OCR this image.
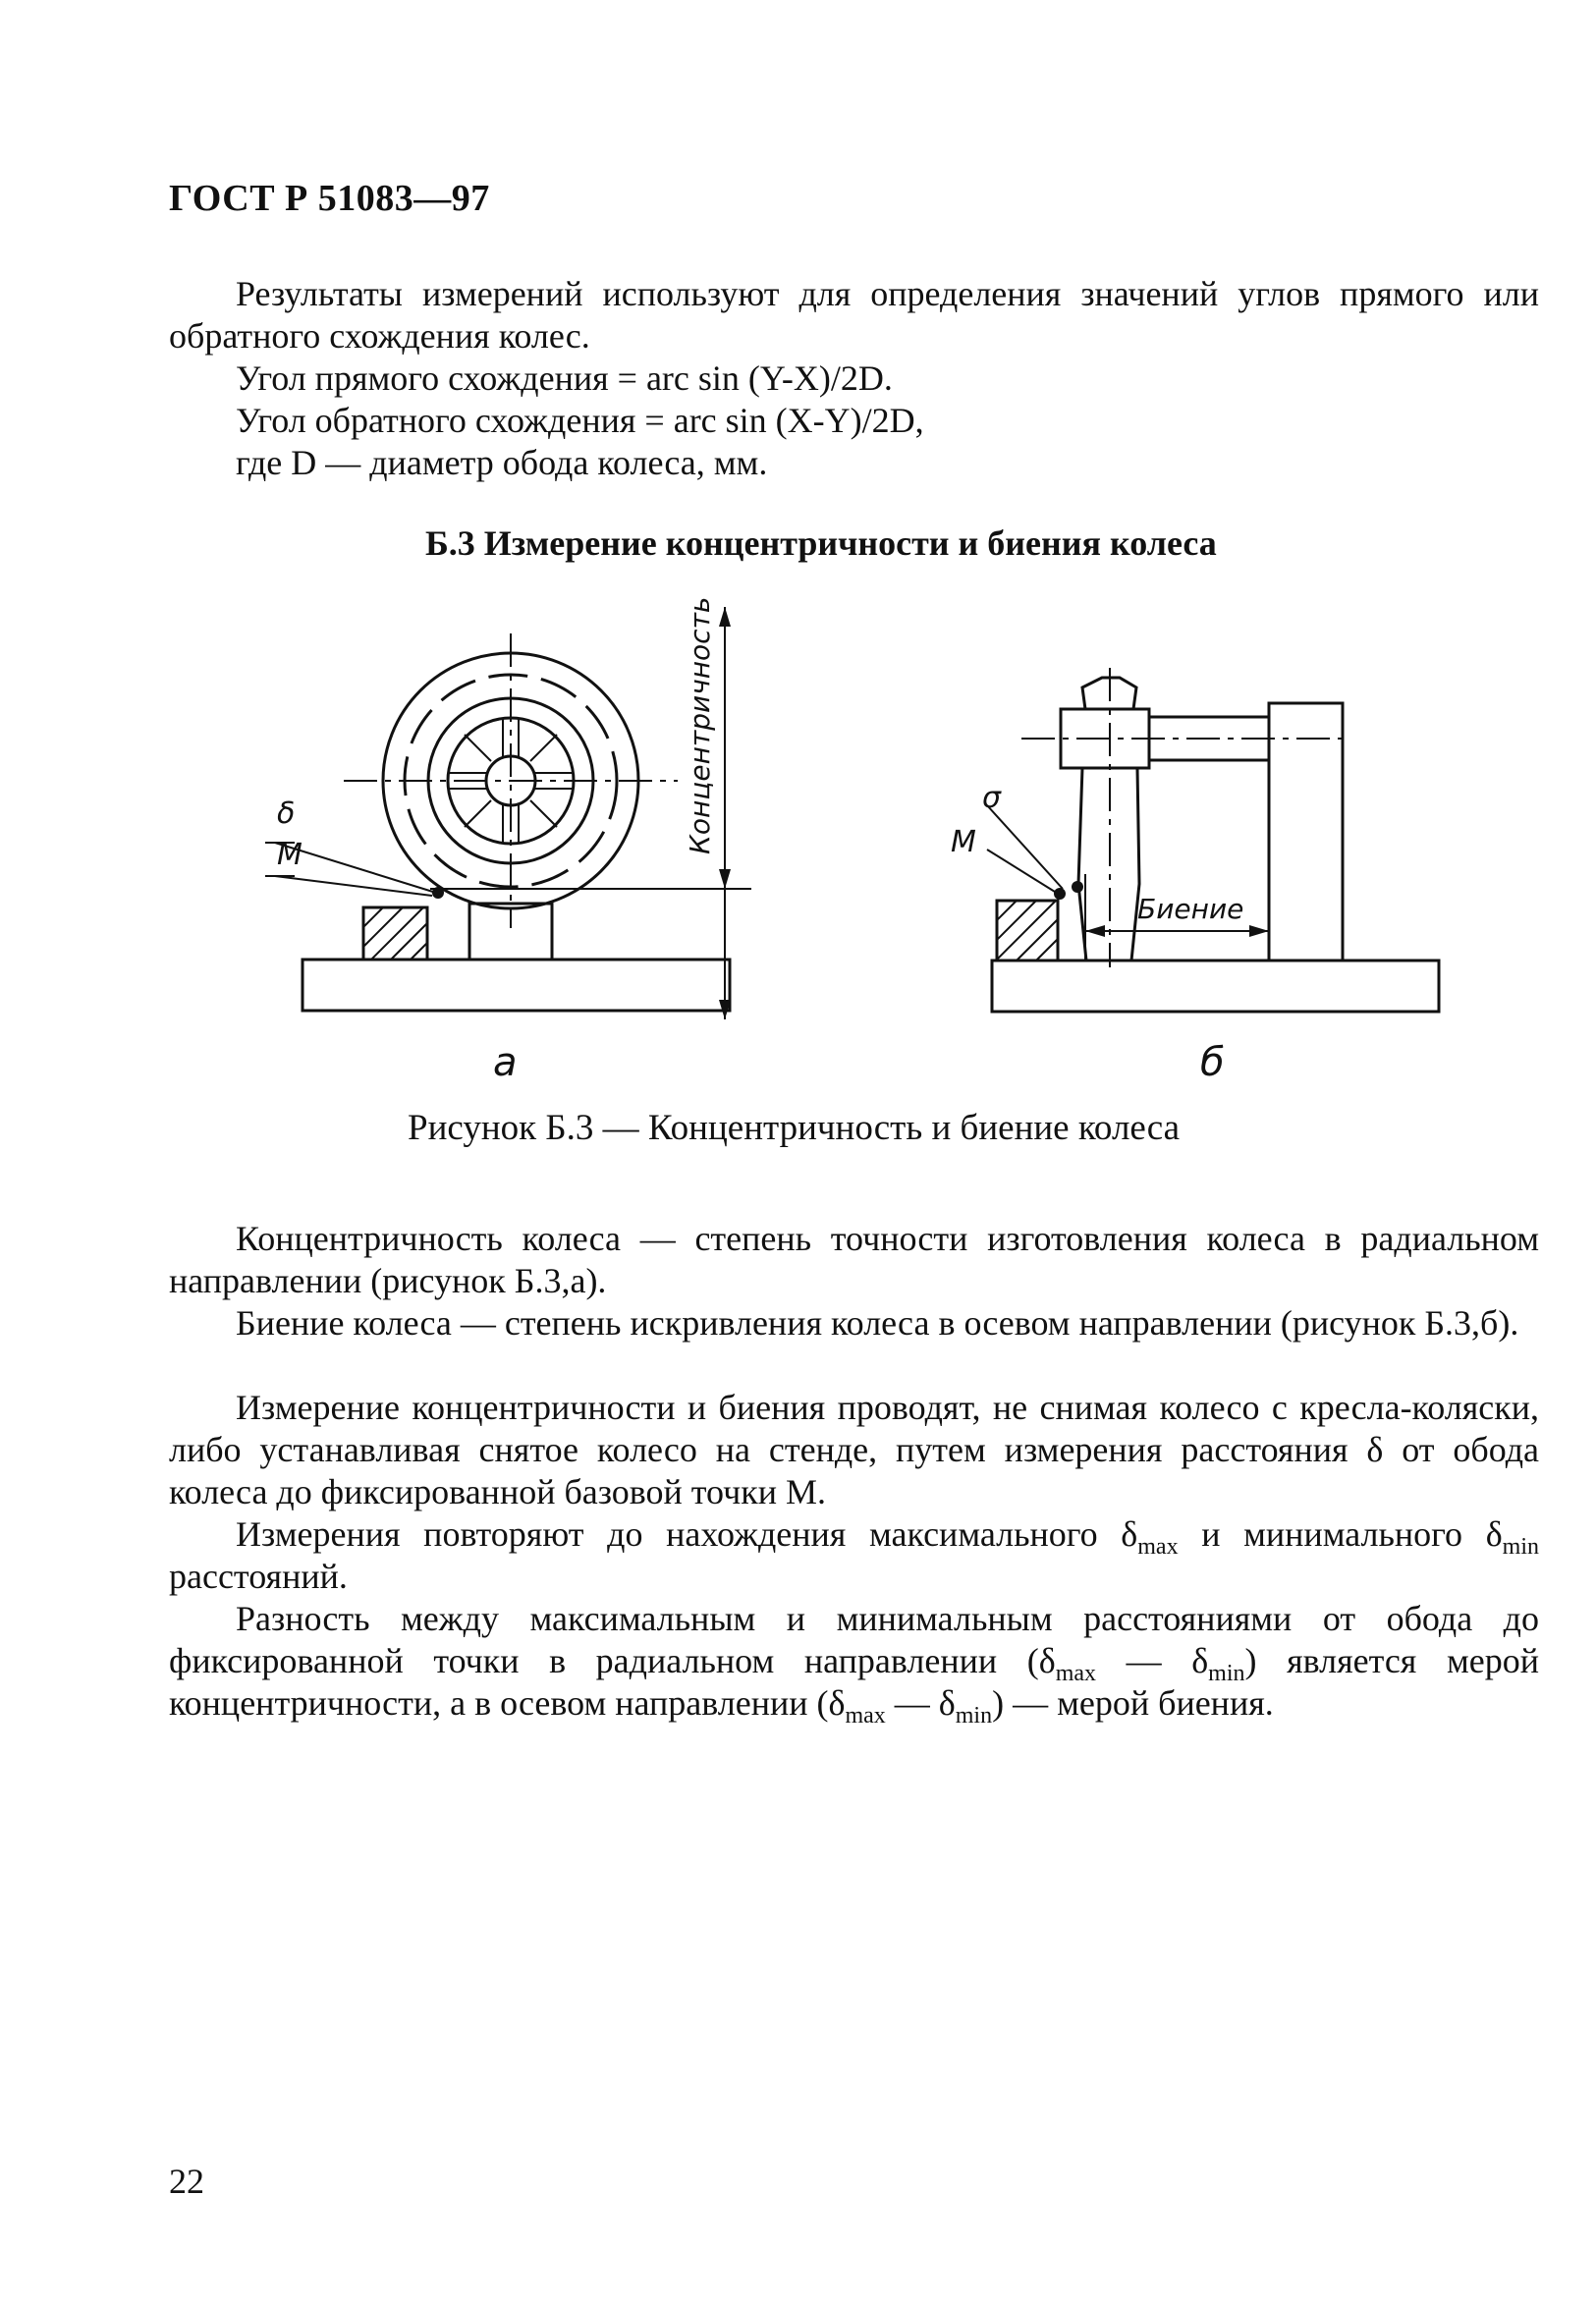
ГОСТ Р 51083—97
Результаты измерений используют для определения значений углов прямого или обратного схождения колес.
Угол прямого схождения = arc sin (Y-X)/2D.
Угол обратного схождения = arc sin (X-Y)/2D,
где D — диаметр обода колеса, мм.
Б.3 Измерение концентричности и биения колеса
δ
М
Концентричность
а
σ
М
Биение
б
Рисунок Б.3 — Концентричность и биение колеса
Концентричность колеса — степень точности изготовления колеса в радиальном направлении (рисунок Б.3,а).
Биение колеса — степень искривления колеса в осевом направлении (рисунок Б.3,б).
Измерение концентричности и биения проводят, не снимая колесо с кресла-коляски, либо устанавливая снятое колесо на стенде, путем измерения расстояния δ от обода колеса до фиксированной базовой точки М.
Измерения повторяют до нахождения максимального $\delta_{max}$ и минимального $\delta_{min}$ расстояний.
Разность между максимальным и минимальным расстояниями от обода до фиксированной точки в радиальном направлении ($\delta_{max}$ — $\delta_{min}$) является мерой концентричности, а в осевом направлении ($\delta_{max}$ — $\delta_{min}$) — мерой биения.
22
